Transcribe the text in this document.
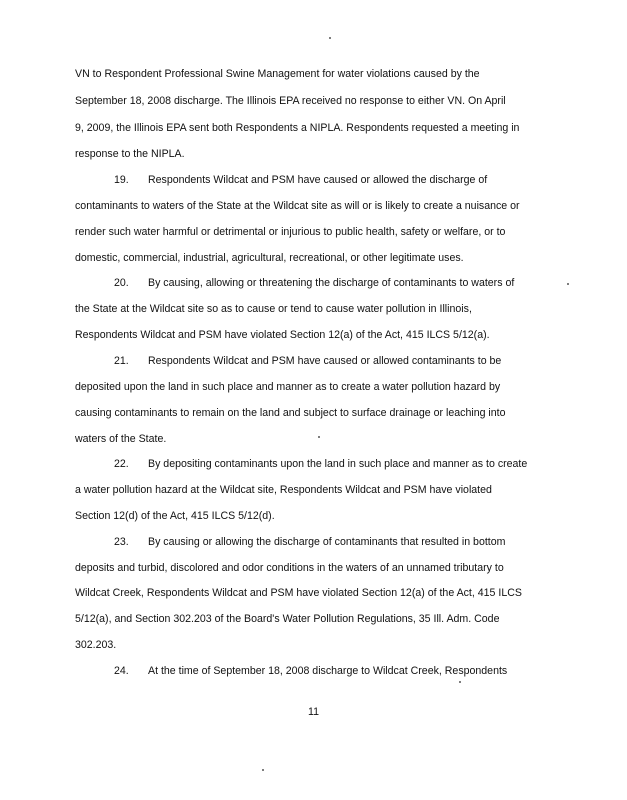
VN to Respondent Professional Swine Management for water violations caused by the
September 18, 2008 discharge. The Illinois EPA received no response to either VN. On April
9, 2009, the Illinois EPA sent both Respondents a NIPLA. Respondents requested a meeting in
response to the NIPLA.
19. Respondents Wildcat and PSM have caused or allowed the discharge of
contaminants to waters of the State at the Wildcat site as will or is likely to create a nuisance or
render such water harmful or detrimental or injurious to public health, safety or welfare, or to
domestic, commercial, industrial, agricultural, recreational, or other legitimate uses.
20. By causing, allowing or threatening the discharge of contaminants to waters of
the State at the Wildcat site so as to cause or tend to cause water pollution in Illinois,
Respondents Wildcat and PSM have violated Section 12(a) of the Act, 415 ILCS 5/12(a).
21. Respondents Wildcat and PSM have caused or allowed contaminants to be
deposited upon the land in such place and manner as to create a water pollution hazard by
causing contaminants to remain on the land and subject to surface drainage or leaching into
waters of the State.
22. By depositing contaminants upon the land in such place and manner as to create
a water pollution hazard at the Wildcat site, Respondents Wildcat and PSM have violated
Section 12(d) of the Act, 415 ILCS 5/12(d).
23. By causing or allowing the discharge of contaminants that resulted in bottom
deposits and turbid, discolored and odor conditions in the waters of an unnamed tributary to
Wildcat Creek, Respondents Wildcat and PSM have violated Section 12(a) of the Act, 415 ILCS
5/12(a), and Section 302.203 of the Board's Water Pollution Regulations, 35 Ill. Adm. Code
302.203.
24. At the time of September 18, 2008 discharge to Wildcat Creek, Respondents
11
